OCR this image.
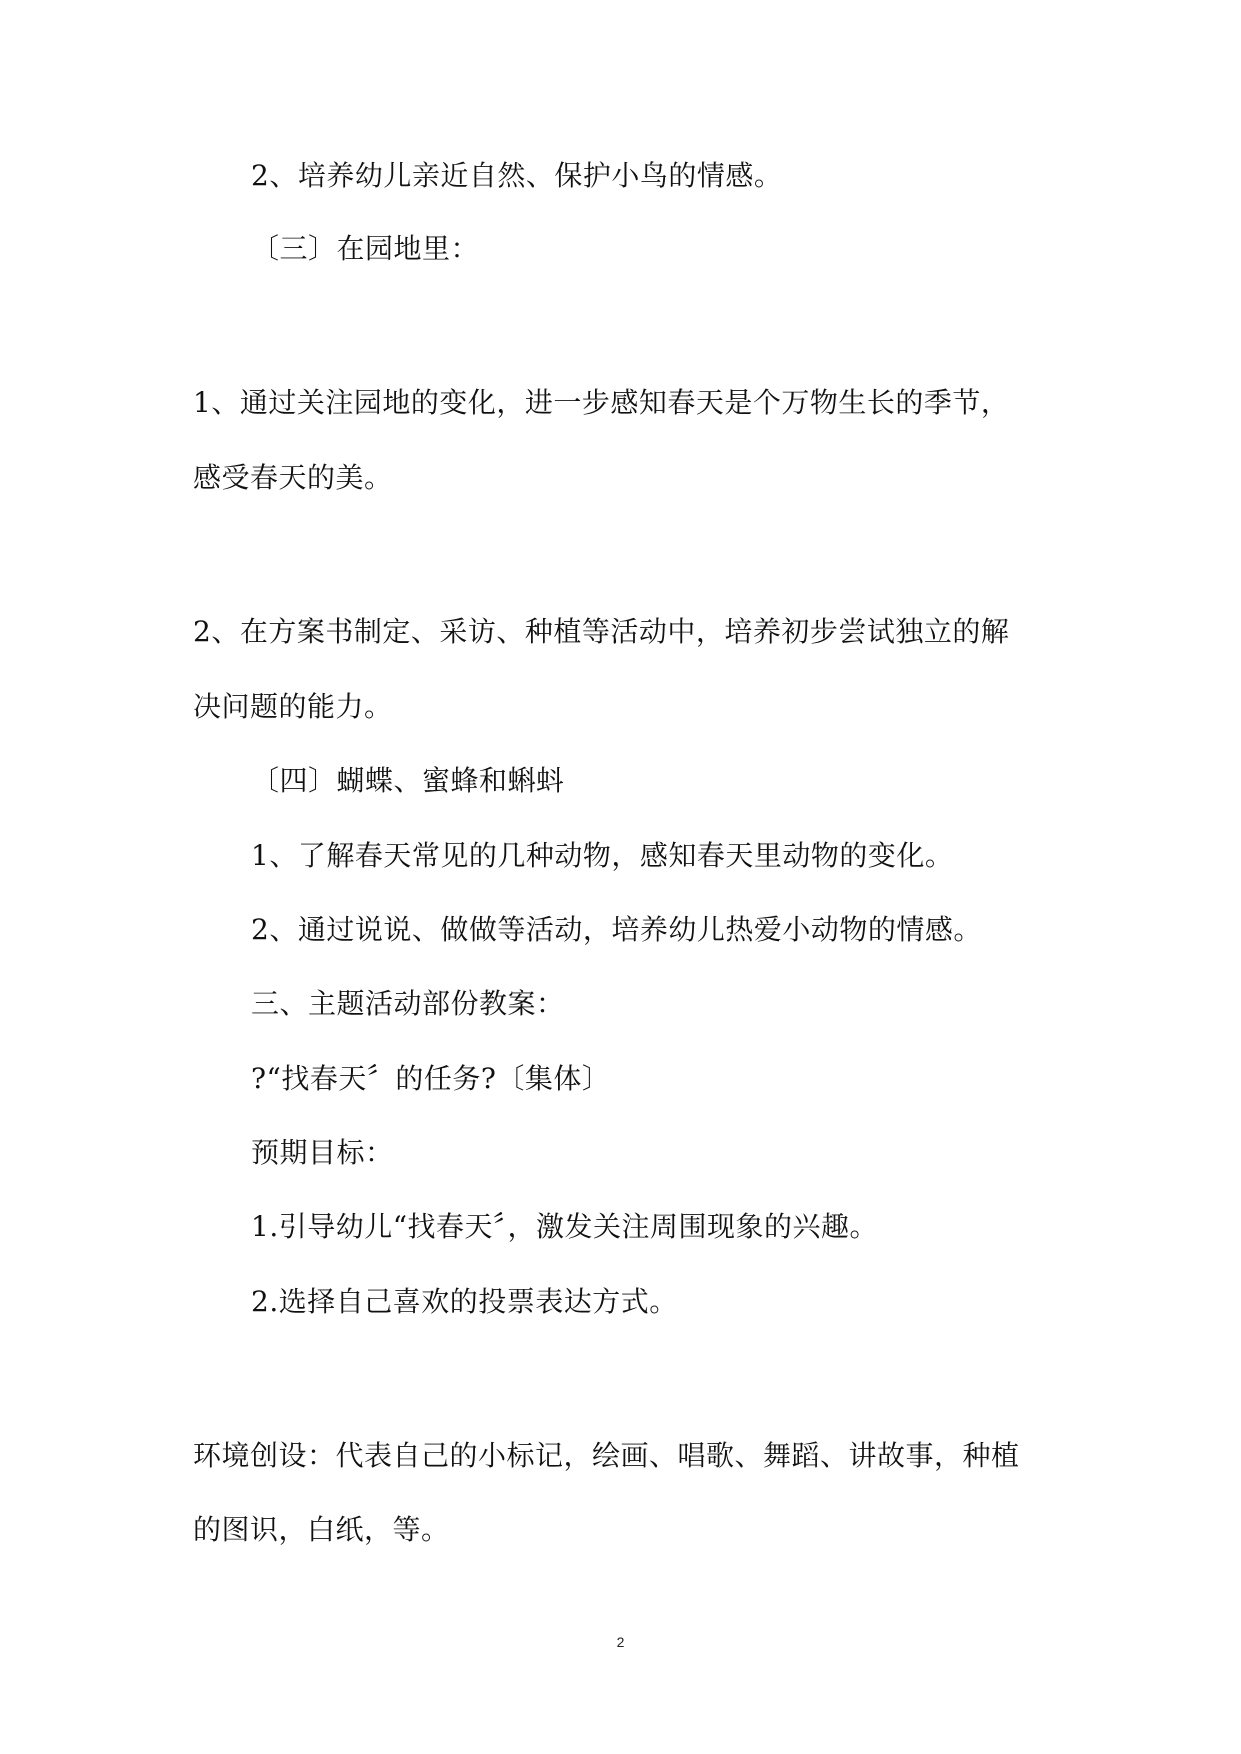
2、培养幼儿亲近自然、保护小鸟的情感。
〔三〕在园地里：
1、通过关注园地的变化，进一步感知春天是个万物生长的季节，
感受春天的美。
2、在方案书制定、采访、种植等活动中，培养初步尝试独立的解
决问题的能力。
〔四〕蝴蝶、蜜蜂和蝌蚪
1、了解春天常见的几种动物，感知春天里动物的变化。
2、通过说说、做做等活动，培养幼儿热爱小动物的情感。
三、主题活动部份教案：
?“找春天〞的任务?〔集体〕
预期目标：
1.引导幼儿“找春天〞，激发关注周围现象的兴趣。
2.选择自己喜欢的投票表达方式。
环境创设：代表自己的小标记，绘画、唱歌、舞蹈、讲故事，种植
的图识，白纸，等。
2
